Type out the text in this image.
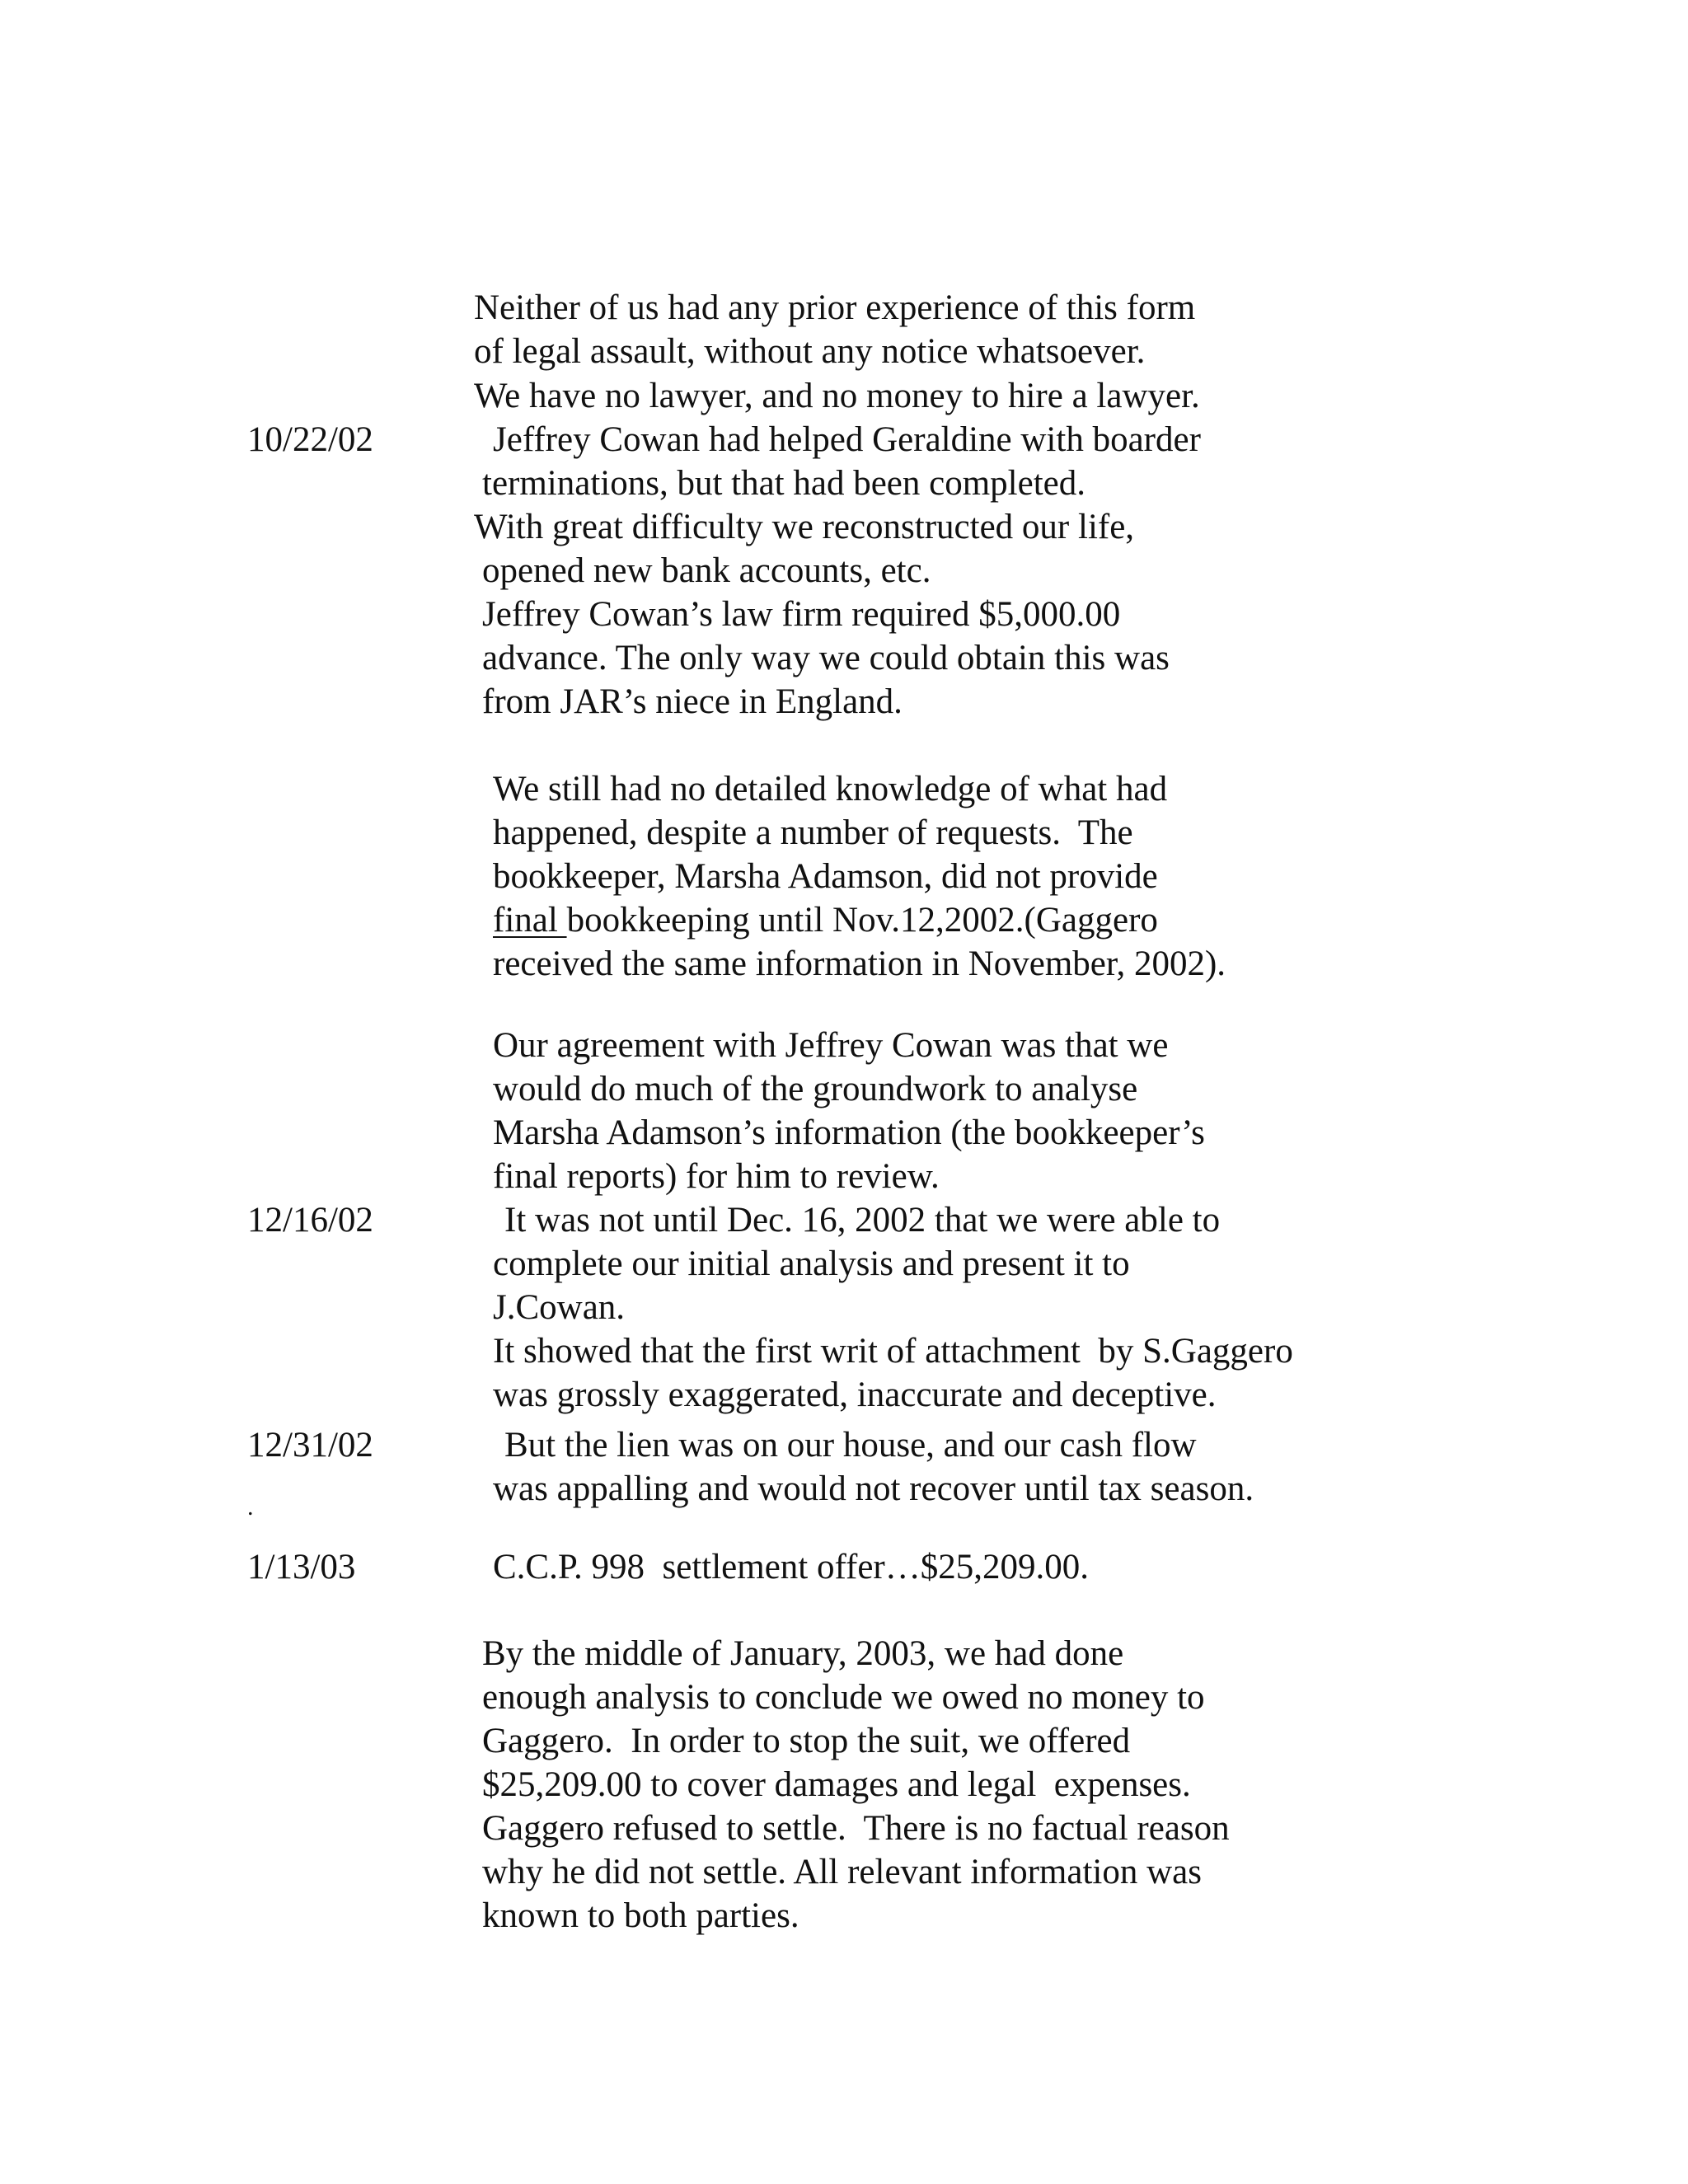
10/22/02
12/16/02
12/31/02
.
1/13/03
Neither of us had any prior experience of this form
of legal assault, without any notice whatsoever.
We have no lawyer, and no money to hire a lawyer.
Jeffrey Cowan had helped Geraldine with boarder
terminations, but that had been completed.
With great difficulty we reconstructed our life,
opened new bank accounts, etc.
Jeffrey Cowan’s law firm required $5,000.00
advance. The only way we could obtain this was
from JAR’s niece in England.
We still had no detailed knowledge of what had
happened, despite a number of requests.  The
bookkeeper, Marsha Adamson, did not provide
final bookkeeping until Nov.12,2002.(Gaggero
received the same information in November, 2002).
Our agreement with Jeffrey Cowan was that we
would do much of the groundwork to analyse
Marsha Adamson’s information (the bookkeeper’s
final reports) for him to review.
It was not until Dec. 16, 2002 that we were able to
complete our initial analysis and present it to
J.Cowan.
It showed that the first writ of attachment  by S.Gaggero
was grossly exaggerated, inaccurate and deceptive.
But the lien was on our house, and our cash flow
was appalling and would not recover until tax season.
C.C.P. 998  settlement offer…$25,209.00.
By the middle of January, 2003, we had done
enough analysis to conclude we owed no money to
Gaggero.  In order to stop the suit, we offered
$25,209.00 to cover damages and legal  expenses.
Gaggero refused to settle.  There is no factual reason
why he did not settle. All relevant information was
known to both parties.
